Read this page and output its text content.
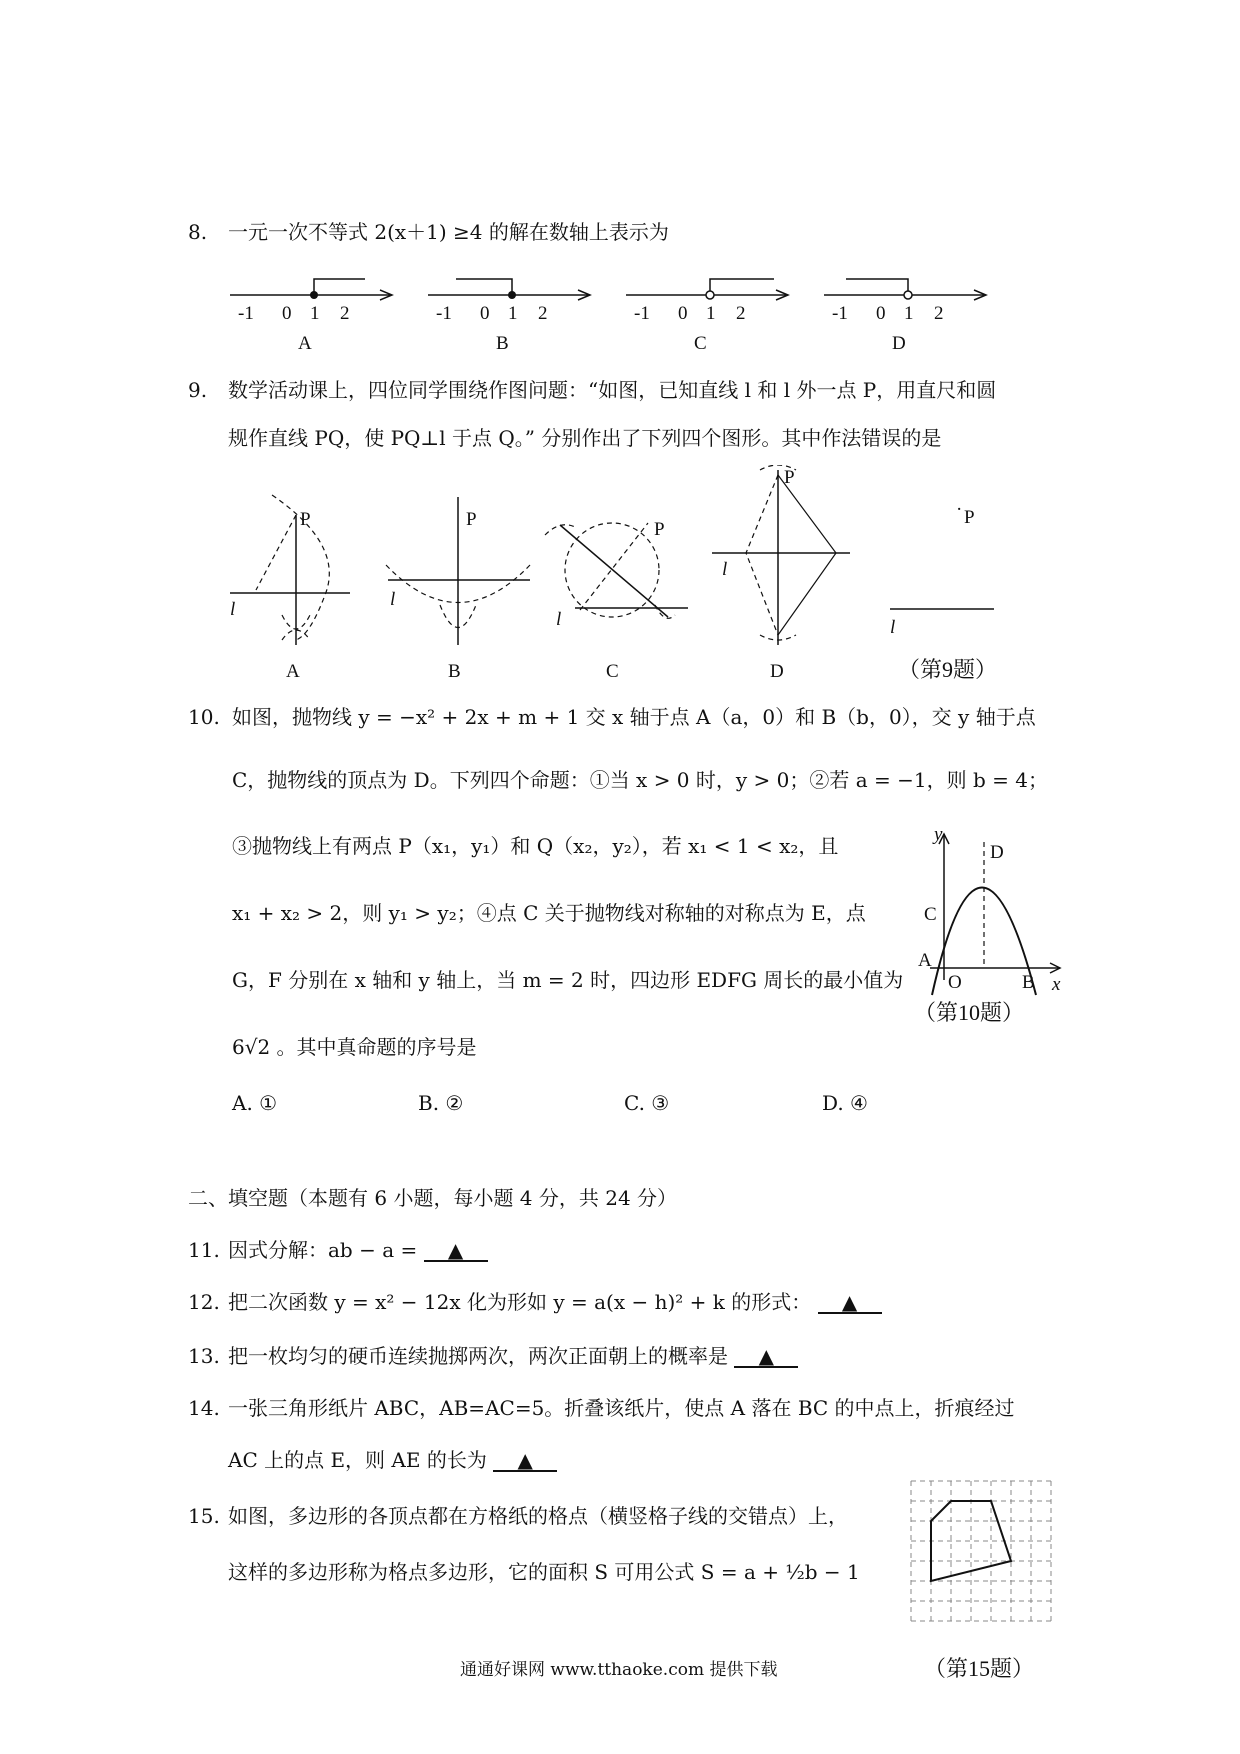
8. 一元一次不等式 2(x＋1) ≥4 的解在数轴上表示为
-1 0 1 2
A
-1 0 1 2
B
-1 0 1 2
C
-1 0 1 2
D
9. 数学活动课上，四位同学围绕作图问题：“如图，已知直线 l 和 l 外一点 P，用直尺和圆
规作直线 PQ，使 PQ⊥l 于点 Q。” 分别作出了下列四个图形。其中作法错误的是
P
l
A
P
l
B
P
l
C
P
l
D
· P
l
（第9题）
10. 如图，抛物线 y = −x² + 2x + m + 1 交 x 轴于点 A（a，0）和 B（b，0），交 y 轴于点
C，抛物线的顶点为 D。下列四个命题：①当 x > 0 时，y > 0；②若 a = −1，则 b = 4；
③抛物线上有两点 P（x₁，y₁）和 Q（x₂，y₂），若 x₁ < 1 < x₂，且
x₁ + x₂ > 2，则 y₁ > y₂；④点 C 关于抛物线对称轴的对称点为 E，点
G，F 分别在 x 轴和 y 轴上，当 m = 2 时，四边形 EDFG 周长的最小值为
6√2 。其中真命题的序号是
A. ①	B. ②	C. ③	D. ④
y
x
A
O	B
C
D
（第10题）
二、填空题（本题有 6 小题，每小题 4 分，共 24 分）
11. 因式分解：ab − a = ▲
12. 把二次函数 y = x² − 12x 化为形如 y = a(x − h)² + k 的形式： ▲
13. 把一枚均匀的硬币连续抛掷两次，两次正面朝上的概率是 ▲
14. 一张三角形纸片 ABC，AB=AC=5。折叠该纸片，使点 A 落在 BC 的中点上，折痕经过
AC 上的点 E，则 AE 的长为 ▲
15. 如图，多边形的各顶点都在方格纸的格点（横竖格子线的交错点）上，
这样的多边形称为格点多边形，它的面积 S 可用公式 S = a + ½b − 1
（第15题）
通通好课网 www.tthaoke.com 提供下载
